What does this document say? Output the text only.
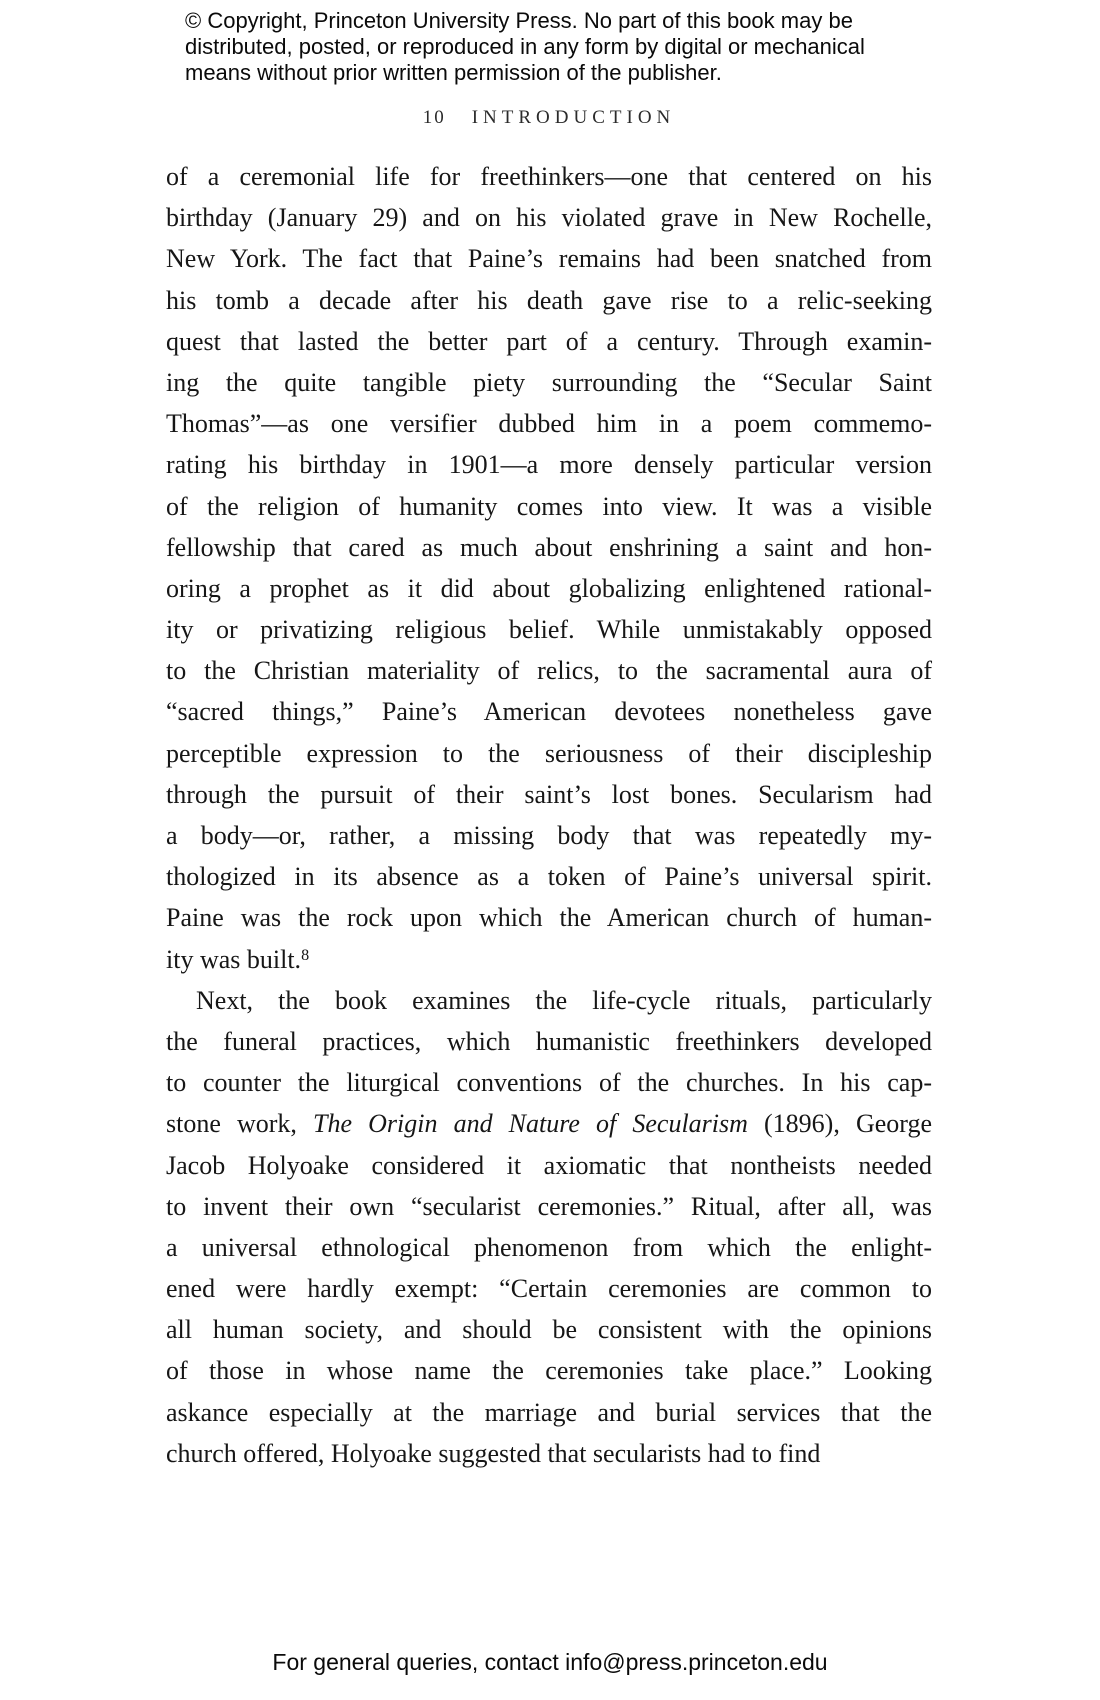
© Copyright, Princeton University Press. No part of this book may be
distributed, posted, or reproduced in any form by digital or mechanical
means without prior written permission of the publisher.
10 INTRODUCTION
of a ceremonial life for freethinkers—one that centered on his
birthday (January 29) and on his violated grave in New Rochelle,
New York. The fact that Paine’s remains had been snatched from
his tomb a decade after his death gave rise to a relic-seeking
quest that lasted the better part of a century. Through examin-
ing the quite tangible piety surrounding the “Secular Saint
Thomas”—as one versifier dubbed him in a poem commemo-
rating his birthday in 1901—a more densely particular version
of the religion of humanity comes into view. It was a visible
fellowship that cared as much about enshrining a saint and hon-
oring a prophet as it did about globalizing enlightened rational-
ity or privatizing religious belief. While unmistakably opposed
to the Christian materiality of relics, to the sacramental aura of
“sacred things,” Paine’s American devotees nonetheless gave
perceptible expression to the seriousness of their discipleship
through the pursuit of their saint’s lost bones. Secularism had
a body—or, rather, a missing body that was repeatedly my-
thologized in its absence as a token of Paine’s universal spirit.
Paine was the rock upon which the American church of human-
ity was built.$^8$
Next, the book examines the life-cycle rituals, particularly
the funeral practices, which humanistic freethinkers developed
to counter the liturgical conventions of the churches. In his cap-
stone work, The Origin and Nature of Secularism (1896), George
Jacob Holyoake considered it axiomatic that nontheists needed
to invent their own “secularist ceremonies.” Ritual, after all, was
a universal ethnological phenomenon from which the enlight-
ened were hardly exempt: “Certain ceremonies are common to
all human society, and should be consistent with the opinions
of those in whose name the ceremonies take place.” Looking
askance especially at the marriage and burial services that the
church offered, Holyoake suggested that secularists had to find
For general queries, contact info@press.princeton.edu
